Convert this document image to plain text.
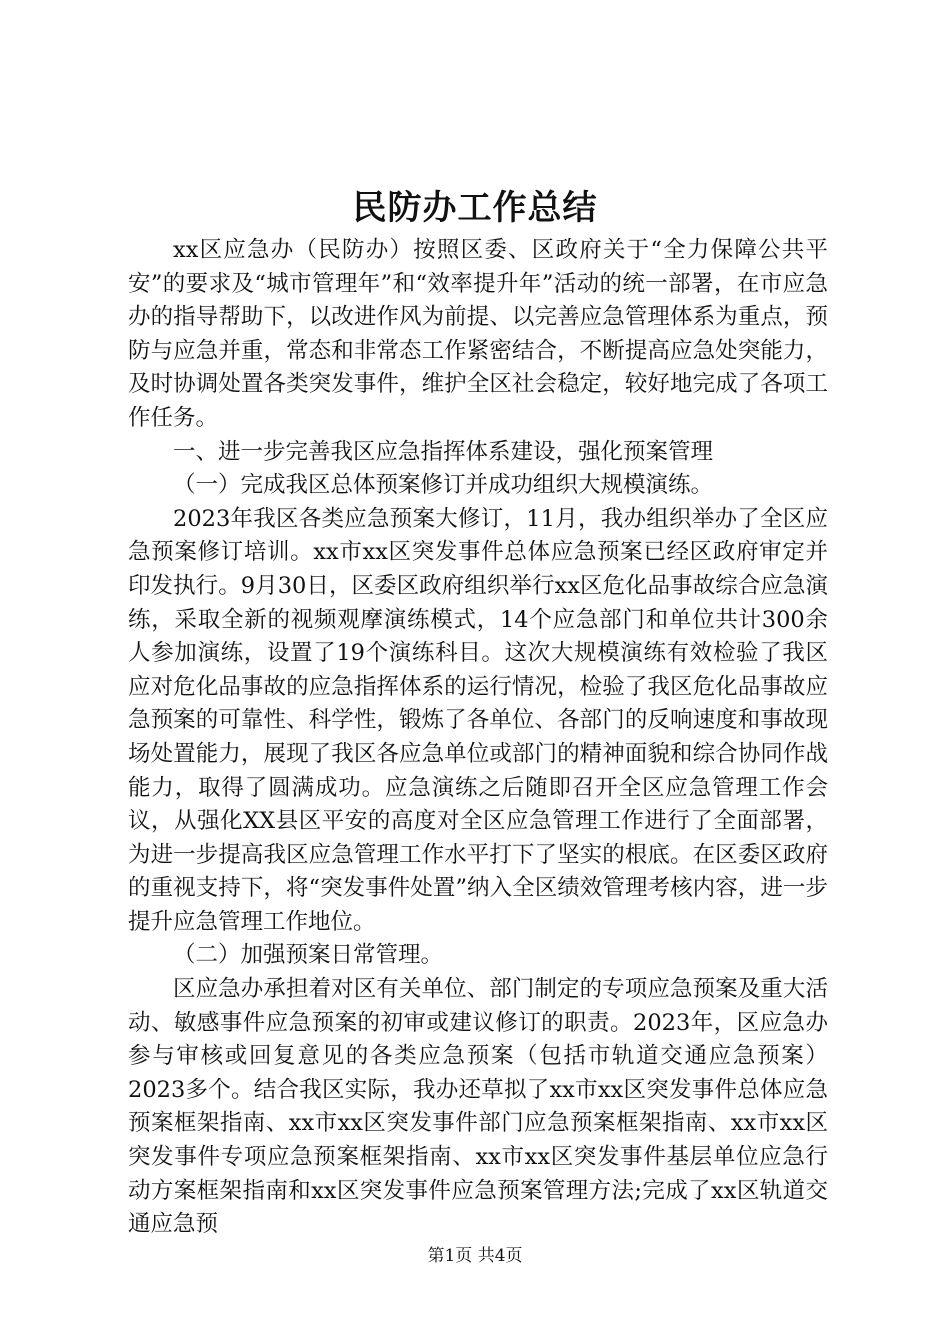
民防办工作总结

xx区应急办（民防办）按照区委、区政府关于“全力保障公共平安”的要求及“城市管理年”和“效率提升年”活动的统一部署，在市应急办的指导帮助下，以改进作风为前提、以完善应急管理体系为重点，预防与应急并重，常态和非常态工作紧密结合，不断提高应急处突能力，及时协调处置各类突发事件，维护全区社会稳定，较好地完成了各项工作任务。

一、进一步完善我区应急指挥体系建设，强化预案管理

（一）完成我区总体预案修订并成功组织大规模演练。

2023年我区各类应急预案大修订，11月，我办组织举办了全区应急预案修订培训。xx市xx区突发事件总体应急预案已经区政府审定并印发执行。9月30日，区委区政府组织举行xx区危化品事故综合应急演练，采取全新的视频观摩演练模式，14个应急部门和单位共计300余人参加演练，设置了19个演练科目。这次大规模演练有效检验了我区应对危化品事故的应急指挥体系的运行情况，检验了我区危化品事故应急预案的可靠性、科学性，锻炼了各单位、各部门的反响速度和事故现场处置能力，展现了我区各应急单位或部门的精神面貌和综合协同作战能力，取得了圆满成功。应急演练之后随即召开全区应急管理工作会议，从强化XX县区平安的高度对全区应急管理工作进行了全面部署，为进一步提高我区应急管理工作水平打下了坚实的根底。在区委区政府的重视支持下，将“突发事件处置”纳入全区绩效管理考核内容，进一步提升应急管理工作地位。

（二）加强预案日常管理。

区应急办承担着对区有关单位、部门制定的专项应急预案及重大活动、敏感事件应急预案的初审或建议修订的职责。2023年，区应急办参与审核或回复意见的各类应急预案（包括市轨道交通应急预案）2023多个。结合我区实际，我办还草拟了xx市xx区突发事件总体应急预案框架指南、xx市xx区突发事件部门应急预案框架指南、xx市xx区突发事件专项应急预案框架指南、xx市xx区突发事件基层单位应急行动方案框架指南和xx区突发事件应急预案管理方法;完成了xx区轨道交通应急预

第1页 共4页
